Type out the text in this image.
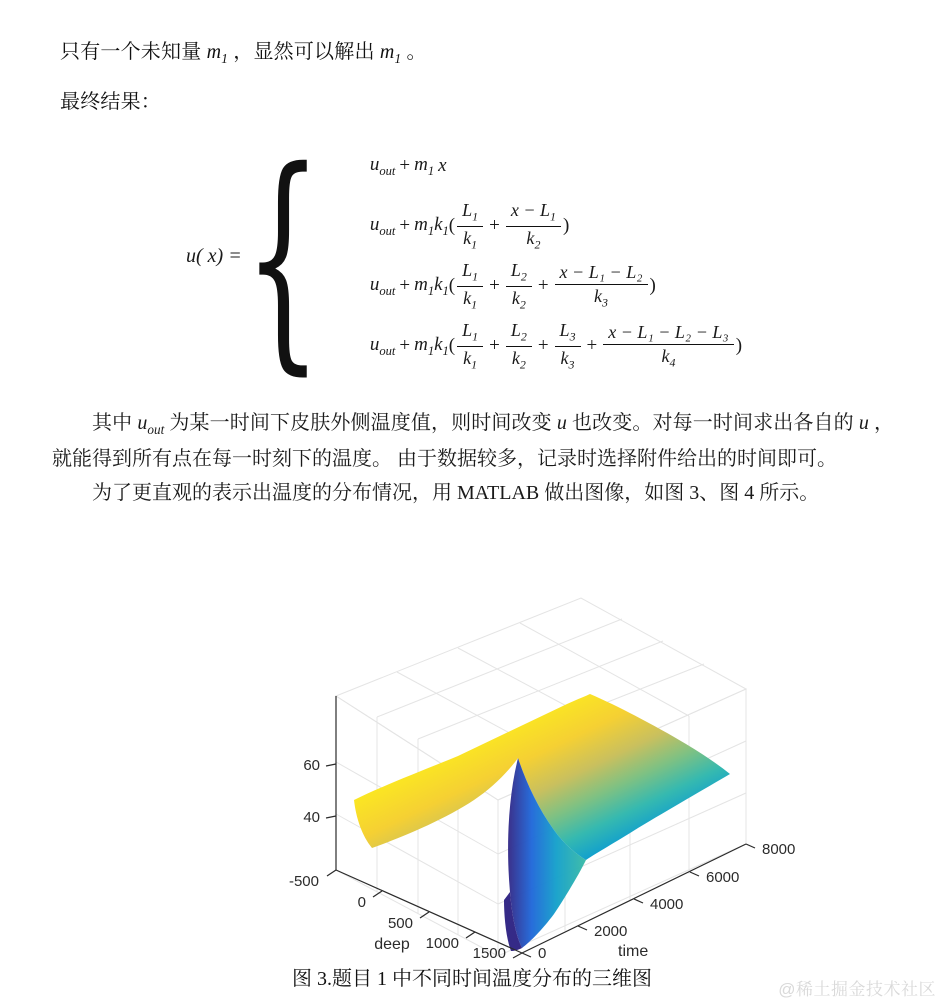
只有一个未知量 $m_1$ ，显然可以解出 $m_1$ 。
最终结果：
u( x) = {	$u_{out} + m_1$ x
$u_{out} + m_1$ $k_1$ ( $\frac{L_1}{k_1} + \frac{x - L_1}{k_2}$ )
$u_{out} + m_1$ $k_1$ ( $\frac{L_1}{k_1} + \frac{L_2}{k_2} + \frac{\text{x − L₁ − L₂}}{k_3}$ )
$u_{out} + m_1$ $k_1$ ( $\frac{L_1}{k_1} + \frac{L_2}{k_2} + \frac{L_3}{k_3} + \frac{\text{x − L₁ − L₂ − L₃}}{k_4}$ )

其中 $u_{out}$ 为某一时间下皮肤外侧温度值，则时间改变 u 也改变。对每一时间求出各自的 u ，就能得到所有点在每一时刻下的温度。 由于数据较多，记录时选择附件给出的时间即可。

为了更直观的表示出温度的分布情况，用 MATLAB 做出图像，如图 3、图 4 所示。

60
40
-500
0
500
1000
1500
deep
0
2000
4000
6000
8000
time
图 3.题目 1 中不同时间温度分布的三维图	@稀土掘金技术社区
